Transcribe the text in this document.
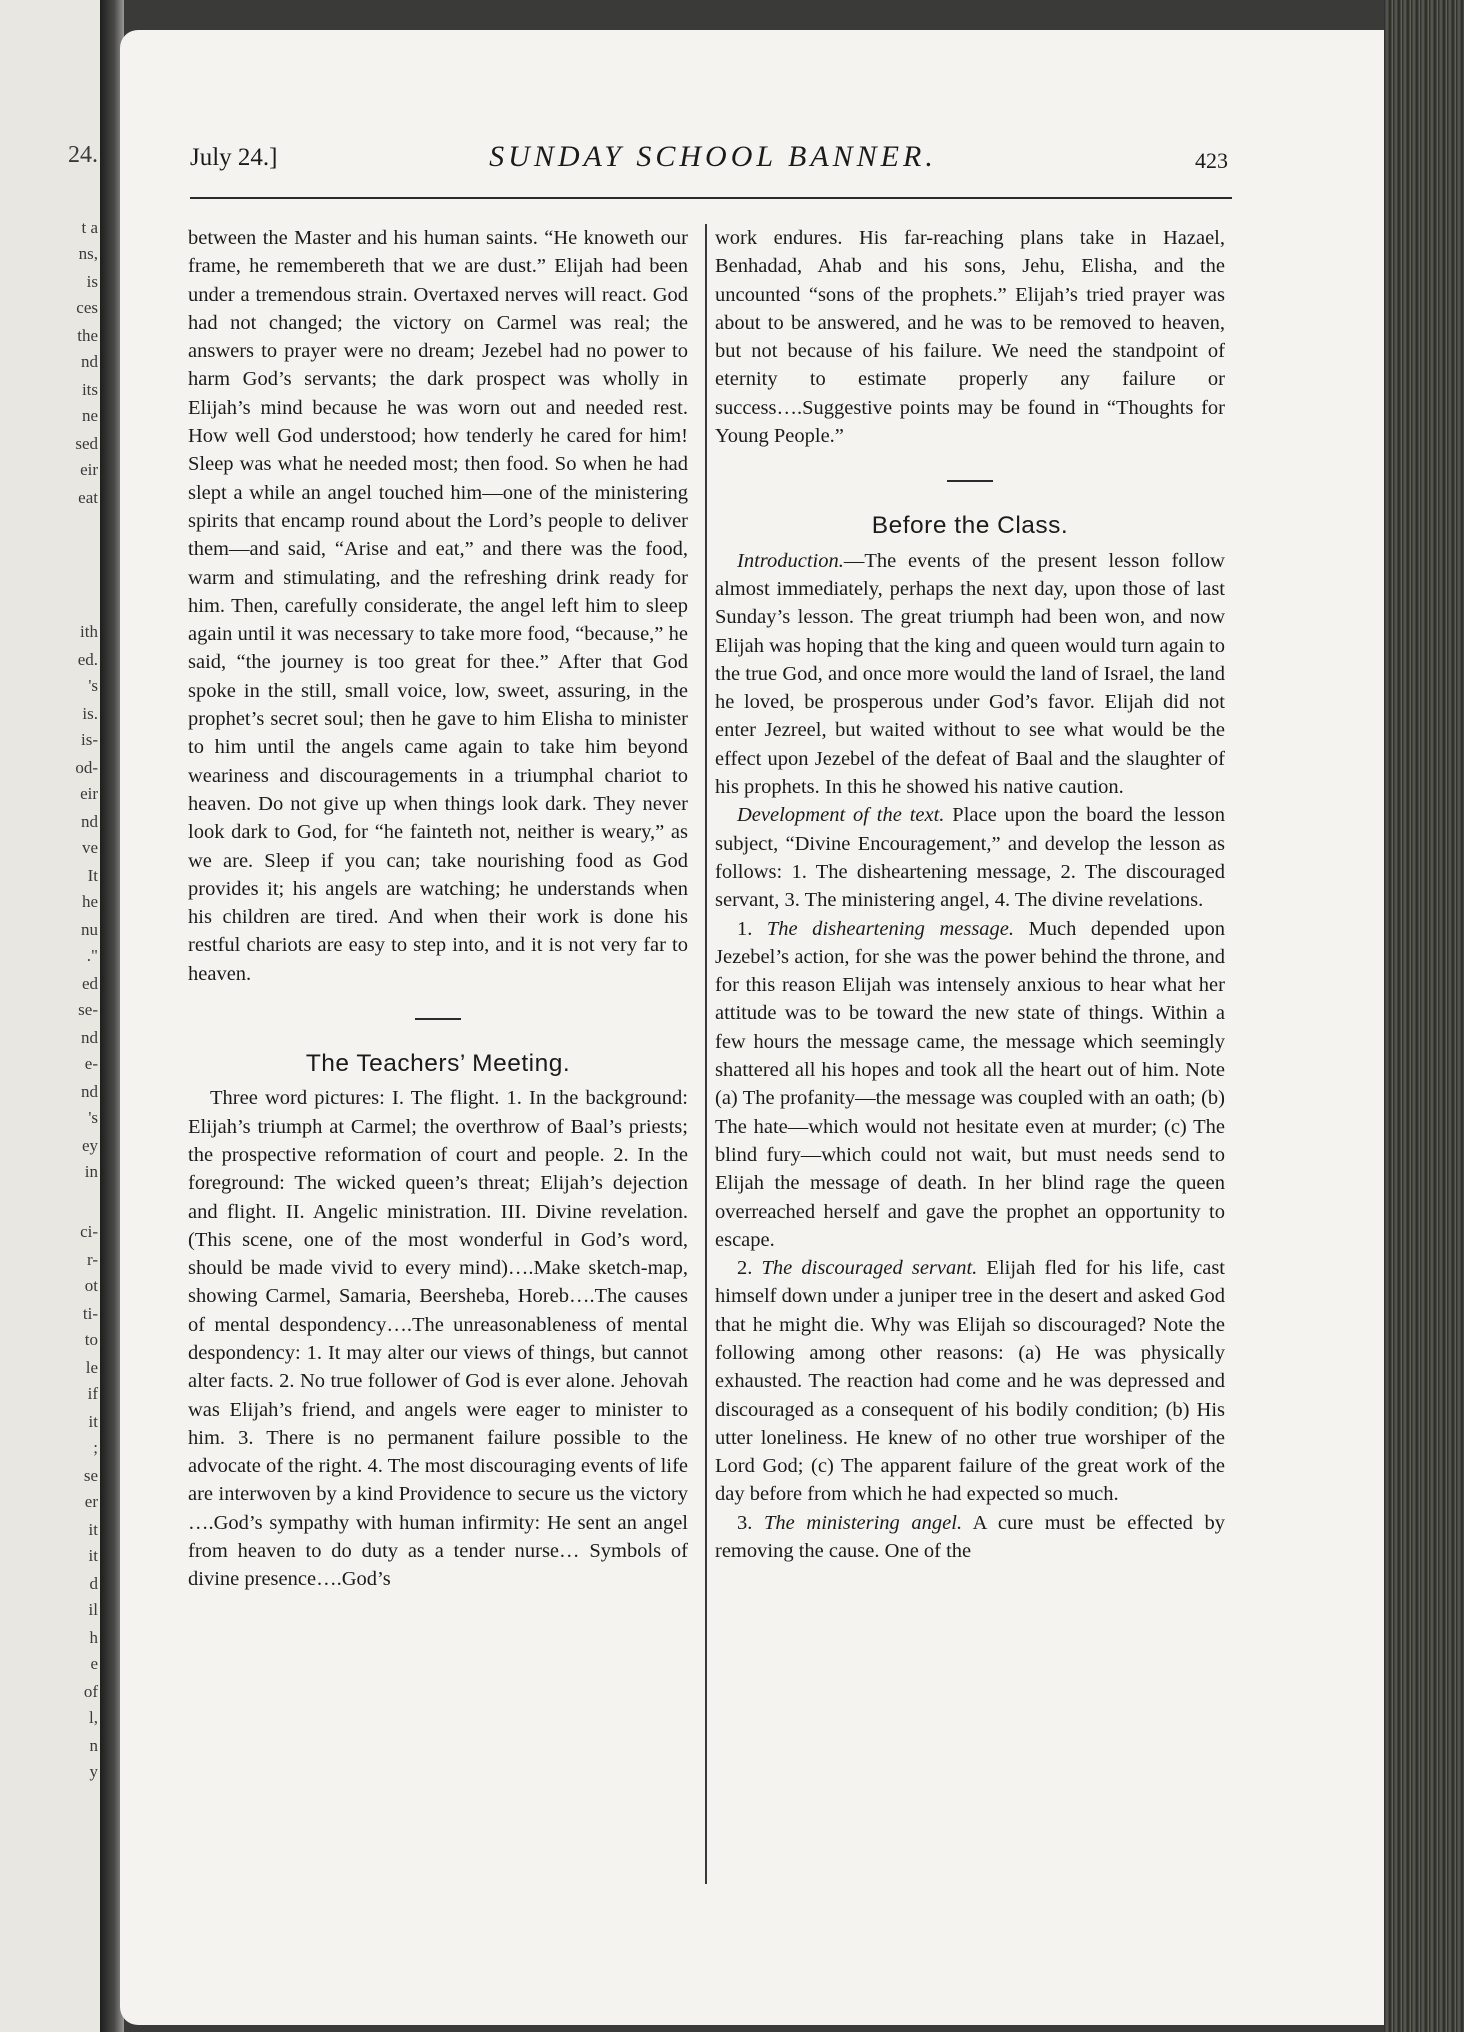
24.
t a
ns,
is
ces
the
nd
its
ne
sed
eir
eat
ith
ed.
's
is.
is-
od-
eir
nd
ve
It
he
nu
."
ed
se-
nd
e-
nd
's
ey
in
ci-
r-
ot
ti-
to
le
if
it
;
se
er
it
it
d
il
h
e
of
l,
n
y
July 24.]	SUNDAY SCHOOL BANNER.	423

between the Master and his human saints. “He knoweth our frame, he remembereth that we are dust.” Elijah had been under a tremendous strain. Overtaxed nerves will react. God had not changed; the victory on Carmel was real; the answers to prayer were no dream; Jezebel had no power to harm God’s servants; the dark prospect was wholly in Elijah’s mind because he was worn out and needed rest. How well God understood; how tenderly he cared for him! Sleep was what he needed most; then food. So when he had slept a while an angel touched him—one of the ministering spirits that encamp round about the Lord’s people to deliver them—and said, “Arise and eat,” and there was the food, warm and stimulating, and the refreshing drink ready for him. Then, carefully considerate, the angel left him to sleep again until it was necessary to take more food, “because,” he said, “the journey is too great for thee.” After that God spoke in the still, small voice, low, sweet, assuring, in the prophet’s secret soul; then he gave to him Elisha to minister to him until the angels came again to take him beyond weariness and discouragements in a triumphal chariot to heaven. Do not give up when things look dark. They never look dark to God, for “he fainteth not, neither is weary,” as we are. Sleep if you can; take nourishing food as God provides it; his angels are watching; he understands when his children are tired. And when their work is done his restful chariots are easy to step into, and it is not very far to heaven.

The Teachers’ Meeting.

Three word pictures: I. The flight. 1. In the background: Elijah’s triumph at Carmel; the overthrow of Baal’s priests; the prospective reformation of court and people. 2. In the foreground: The wicked queen’s threat; Elijah’s dejection and flight. II. Angelic ministration. III. Divine revelation. (This scene, one of the most wonderful in God’s word, should be made vivid to every mind)….Make sketch-map, showing Carmel, Samaria, Beersheba, Horeb….The causes of mental despondency….The unreasonableness of mental despondency: 1. It may alter our views of things, but cannot alter facts. 2. No true follower of God is ever alone. Jehovah was Elijah’s friend, and angels were eager to minister to him. 3. There is no permanent failure possible to the advocate of the right. 4. The most discouraging events of life are interwoven by a kind Providence to secure us the victory ….God’s sympathy with human infirmity: He sent an angel from heaven to do duty as a tender nurse… Symbols of divine presence….God’s

work endures. His far-reaching plans take in Hazael, Benhadad, Ahab and his sons, Jehu, Elisha, and the uncounted “sons of the prophets.” Elijah’s tried prayer was about to be answered, and he was to be removed to heaven, but not because of his failure. We need the standpoint of eternity to estimate properly any failure or success….Suggestive points may be found in “Thoughts for Young People.”

Before the Class.

Introduction.—The events of the present lesson follow almost immediately, perhaps the next day, upon those of last Sunday’s lesson. The great triumph had been won, and now Elijah was hoping that the king and queen would turn again to the true God, and once more would the land of Israel, the land he loved, be prosperous under God’s favor. Elijah did not enter Jezreel, but waited without to see what would be the effect upon Jezebel of the defeat of Baal and the slaughter of his prophets. In this he showed his native caution.

Development of the text. Place upon the board the lesson subject, “Divine Encouragement,” and develop the lesson as follows: 1. The disheartening message, 2. The discouraged servant, 3. The ministering angel, 4. The divine revelations.

1. The disheartening message. Much depended upon Jezebel’s action, for she was the power behind the throne, and for this reason Elijah was intensely anxious to hear what her attitude was to be toward the new state of things. Within a few hours the message came, the message which seemingly shattered all his hopes and took all the heart out of him. Note (a) The profanity—the message was coupled with an oath; (b) The hate—which would not hesitate even at murder; (c) The blind fury—which could not wait, but must needs send to Elijah the message of death. In her blind rage the queen overreached herself and gave the prophet an opportunity to escape.

2. The discouraged servant. Elijah fled for his life, cast himself down under a juniper tree in the desert and asked God that he might die. Why was Elijah so discouraged? Note the following among other reasons: (a) He was physically exhausted. The reaction had come and he was depressed and discouraged as a consequent of his bodily condition; (b) His utter loneliness. He knew of no other true worshiper of the Lord God; (c) The apparent failure of the great work of the day before from which he had expected so much.

3. The ministering angel. A cure must be effected by removing the cause. One of the
